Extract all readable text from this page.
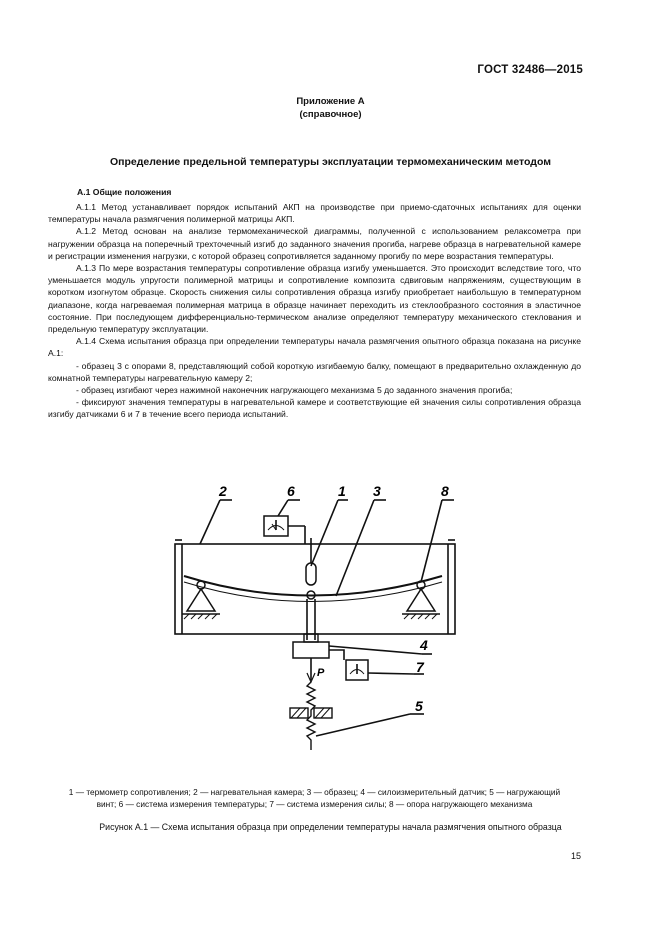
ГОСТ 32486—2015
Приложение А
(справочное)
Определение предельной температуры эксплуатации термомеханическим методом
А.1 Общие положения

А.1.1 Метод устанавливает порядок испытаний АКП на производстве при приемо-сдаточных испытаниях для оценки температуры начала размягчения полимерной матрицы АКП.

А.1.2 Метод основан на анализе термомеханической диаграммы, полученной с использованием релаксометра при нагружении образца на поперечный трехточечный изгиб до заданного значения прогиба, нагреве образца в нагревательной камере и регистрации изменения нагрузки, с которой образец сопротивляется заданному прогибу по мере возрастания температуры.

А.1.3 По мере возрастания температуры сопротивление образца изгибу уменьшается. Это происходит вследствие того, что уменьшается модуль упругости полимерной матрицы и сопротивление композита сдвиговым напряжениям, существующим в коротком изогнутом образце. Скорость снижения силы сопротивления образца изгибу приобретает наибольшую в температурном диапазоне, когда нагреваемая полимерная матрица в образце начинает переходить из стеклообразного состояния в эластичное состояние. При последующем дифференциально-термическом анализе определяют температуру механического стеклования и предельную температуру эксплуатации.

А.1.4 Схема испытания образца при определении температуры начала размягчения опытного образца показана на рисунке А.1:

- образец 3 с опорами 8, представляющий собой короткую изгибаемую балку, помещают в предварительно охлажденную до комнатной температуры нагревательную камеру 2;

- образец изгибают через нажимной наконечник нагружающего механизма 5 до заданного значения прогиба;

- фиксируют значения температуры в нагревательной камере и соответствующие ей значения силы сопротивления образца изгибу датчиками 6 и 7 в течение всего периода испытаний.

2	6	1 3	8
4
7
5
P
1 — термометр сопротивления; 2 — нагревательная камера; 3 — образец; 4 — силоизмерительный датчик; 5 — нагружающий
винт; 6 — система измерения температуры; 7 — система измерения силы; 8 — опора нагружающего механизма
Рисунок А.1 — Схема испытания образца при определении температуры начала размягчения опытного образца
15
